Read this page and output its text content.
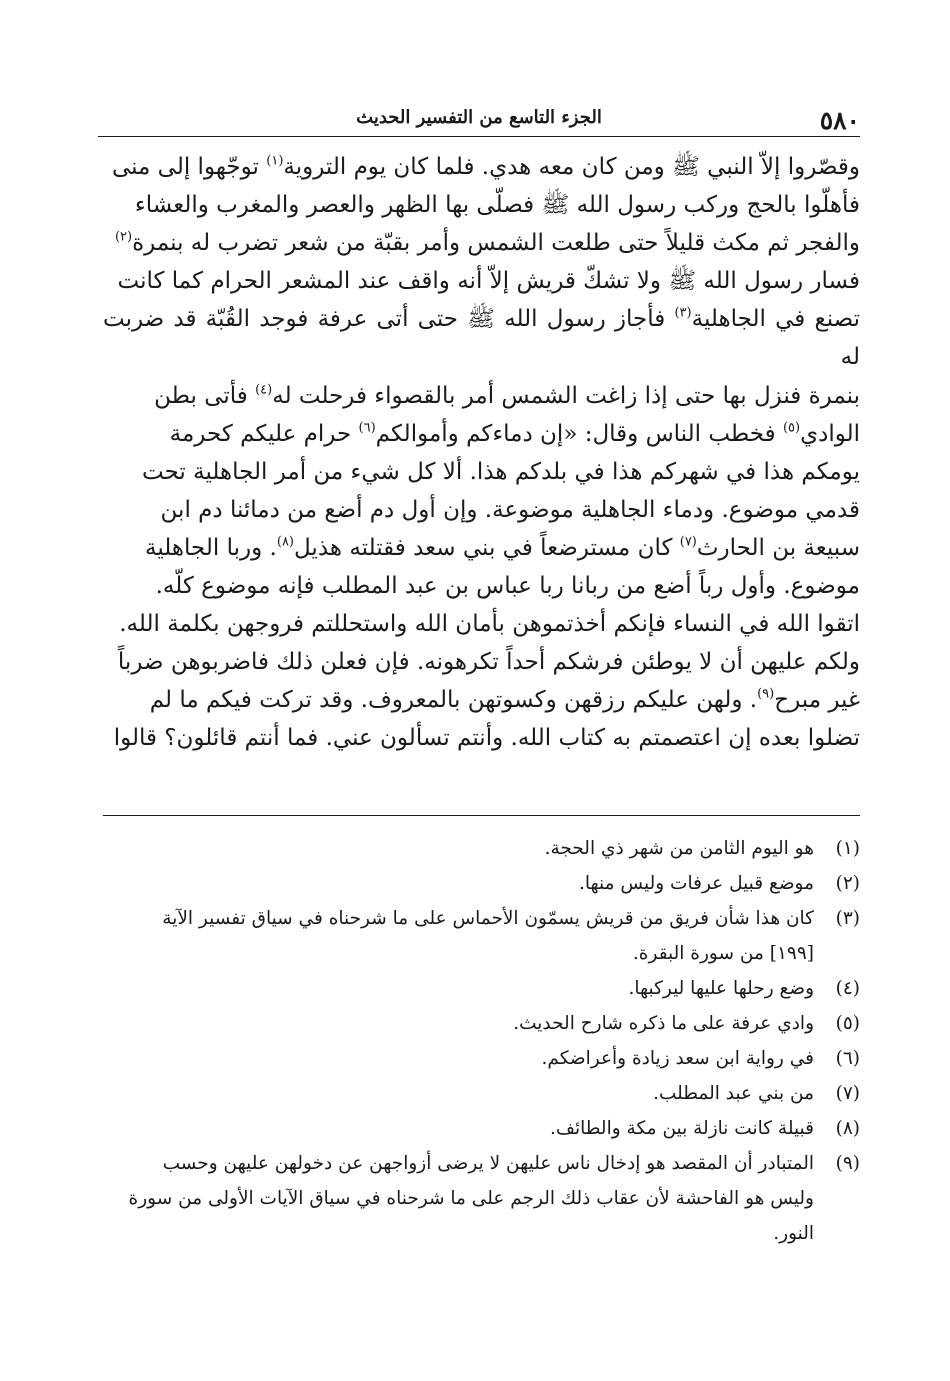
٥٨٠
الجزء التاسع من التفسير الحديث

وقصّروا إلاّ النبي ﷺ ومن كان معه هدي. فلما كان يوم التروية$^{(١)}$ توجّهوا إلى منى

فأهلّوا بالحج وركب رسول الله ﷺ فصلّى بها الظهر والعصر والمغرب والعشاء

والفجر ثم مكث قليلاً حتى طلعت الشمس وأمر بقبّة من شعر تضرب له بنمرة$^{(٢)}$

فسار رسول الله ﷺ ولا تشكّ قريش إلاّ أنه واقف عند المشعر الحرام كما كانت

تصنع في الجاهلية$^{(٣)}$ فأجاز رسول الله ﷺ حتى أتى عرفة فوجد القُبّة قد ضربت له

بنمرة فنزل بها حتى إذا زاغت الشمس أمر بالقصواء فرحلت له$^{(٤)}$ فأتى بطن

الوادي$^{(٥)}$ فخطب الناس وقال: «إن دماءكم وأموالكم$^{(٦)}$ حرام عليكم كحرمة

يومكم هذا في شهركم هذا في بلدكم هذا. ألا كل شيء من أمر الجاهلية تحت

قدمي موضوع. ودماء الجاهلية موضوعة. وإن أول دم أضع من دمائنا دم ابن

سبيعة بن الحارث$^{(٧)}$ كان مسترضعاً في بني سعد فقتلته هذيل$^{(٨)}$. وربا الجاهلية

موضوع. وأول رباً أضع من ربانا ربا عباس بن عبد المطلب فإنه موضوع كلّه.

اتقوا الله في النساء فإنكم أخذتموهن بأمان الله واستحللتم فروجهن بكلمة الله.

ولكم عليهن أن لا يوطئن فرشكم أحداً تكرهونه. فإن فعلن ذلك فاضربوهن ضرباً

غير مبرح$^{(٩)}$. ولهن عليكم رزقهن وكسوتهن بالمعروف. وقد تركت فيكم ما لم

تضلوا بعده إن اعتصمتم به كتاب الله. وأنتم تسألون عني. فما أنتم قائلون؟ قالوا

(١)
هو اليوم الثامن من شهر ذي الحجة.
(٢)
موضع قبيل عرفات وليس منها.
(٣)
كان هذا شأن فريق من قريش يسمّون الأحماس على ما شرحناه في سياق تفسير الآية
[١٩٩] من سورة البقرة.
(٤)
وضع رحلها عليها ليركبها.
(٥)
وادي عرفة على ما ذكره شارح الحديث.
(٦)
في رواية ابن سعد زيادة وأعراضكم.
(٧)
من بني عبد المطلب.
(٨)
قبيلة كانت نازلة بين مكة والطائف.
(٩)
المتبادر أن المقصد هو إدخال ناس عليهن لا يرضى أزواجهن عن دخولهن عليهن وحسب
وليس هو الفاحشة لأن عقاب ذلك الرجم على ما شرحناه في سياق الآيات الأولى من سورة
النور.
